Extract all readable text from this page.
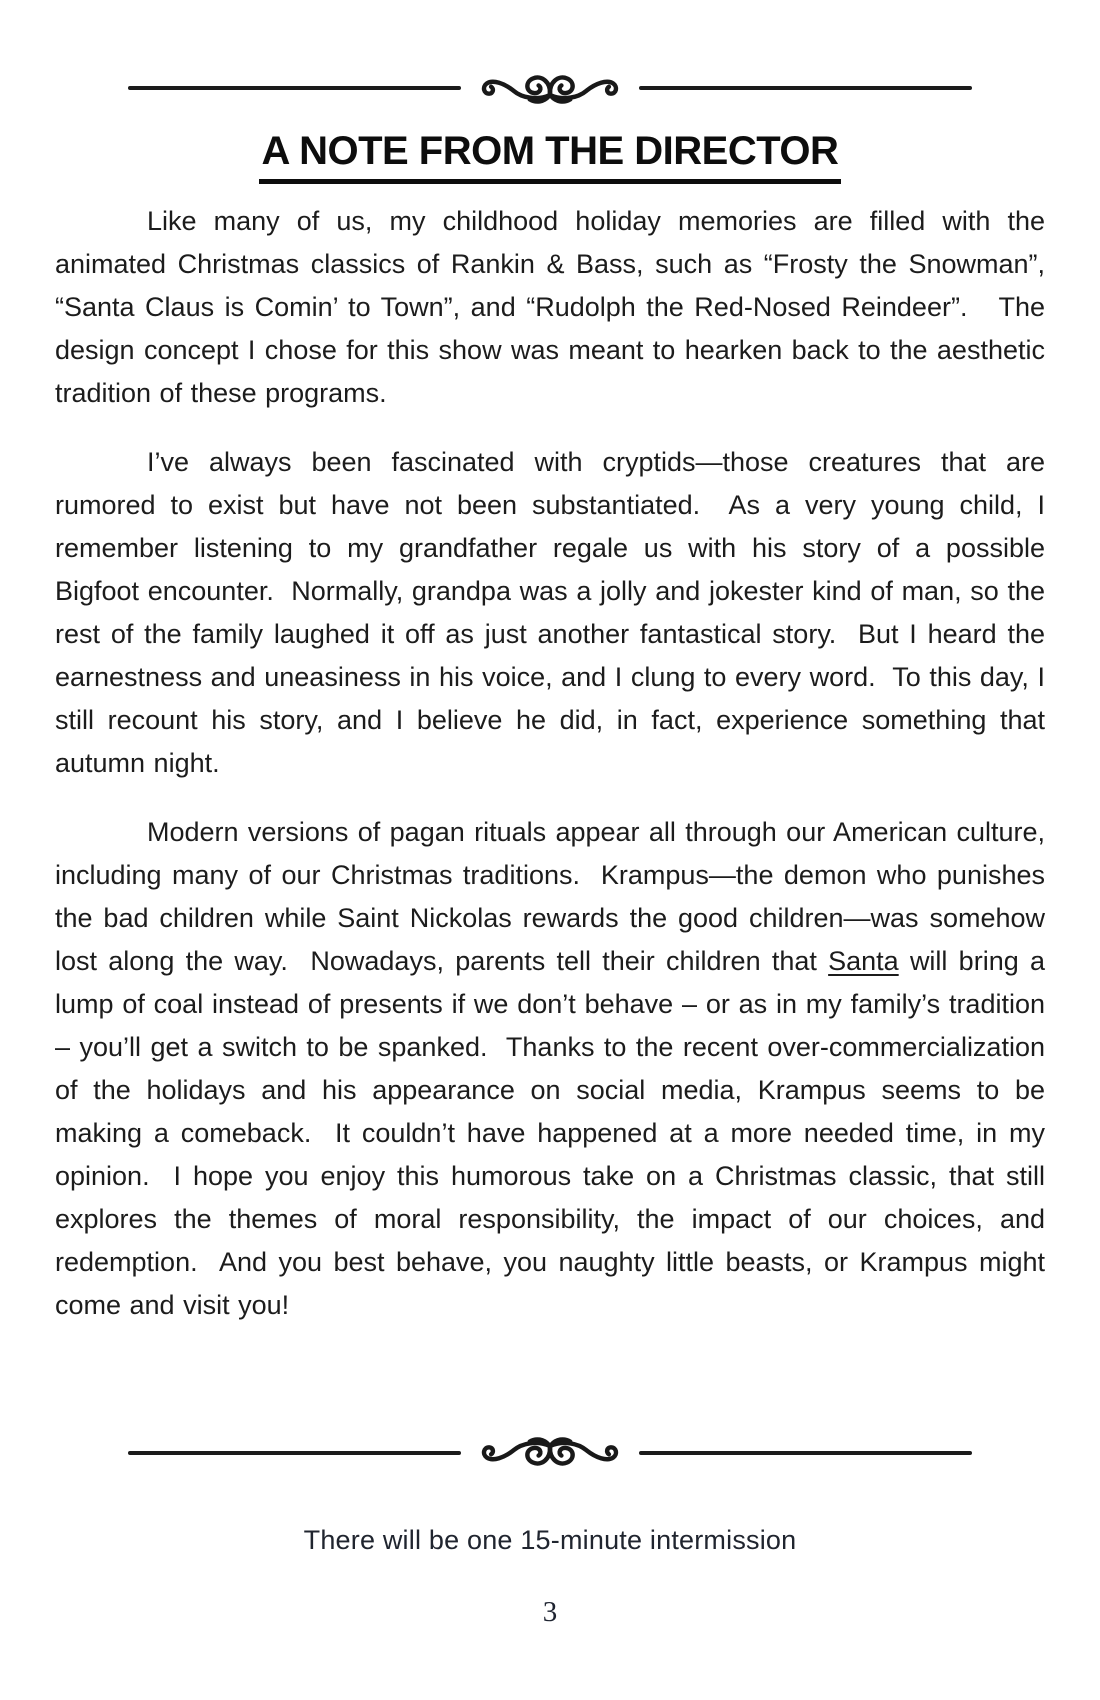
A NOTE FROM THE DIRECTOR

Like many of us, my childhood holiday memories are filled with the animated Christmas classics of Rankin & Bass, such as “Frosty the Snowman”, “Santa Claus is Comin’ to Town”, and “Rudolph the Red-Nosed Reindeer”.   The design concept I chose for this show was meant to hearken back to the aesthetic tradition of these programs.

I’ve always been fascinated with cryptids—those creatures that are rumored to exist but have not been substantiated.  As a very young child, I remember listening to my grandfather regale us with his story of a possible Bigfoot encounter.  Normally, grandpa was a jolly and jokester kind of man, so the rest of the family laughed it off as just another fantastical story.  But I heard the earnestness and uneasiness in his voice, and I clung to every word.  To this day, I still recount his story, and I believe he did, in fact, experience something that autumn night.

Modern versions of pagan rituals appear all through our American culture, including many of our Christmas traditions.  Krampus—the demon who punishes the bad children while Saint Nickolas rewards the good children—was somehow lost along the way.  Nowadays, parents tell their children that Santa will bring a lump of coal instead of presents if we don’t behave – or as in my family’s tradition – you’ll get a switch to be spanked.  Thanks to the recent over-commercialization of the holidays and his appearance on social media, Krampus seems to be making a comeback.  It couldn’t have happened at a more needed time, in my opinion.  I hope you enjoy this humorous take on a Christmas classic, that still explores the themes of moral responsibility, the impact of our choices, and redemption.  And you best behave, you naughty little beasts, or Krampus might come and visit you!

There will be one 15-minute intermission
3
